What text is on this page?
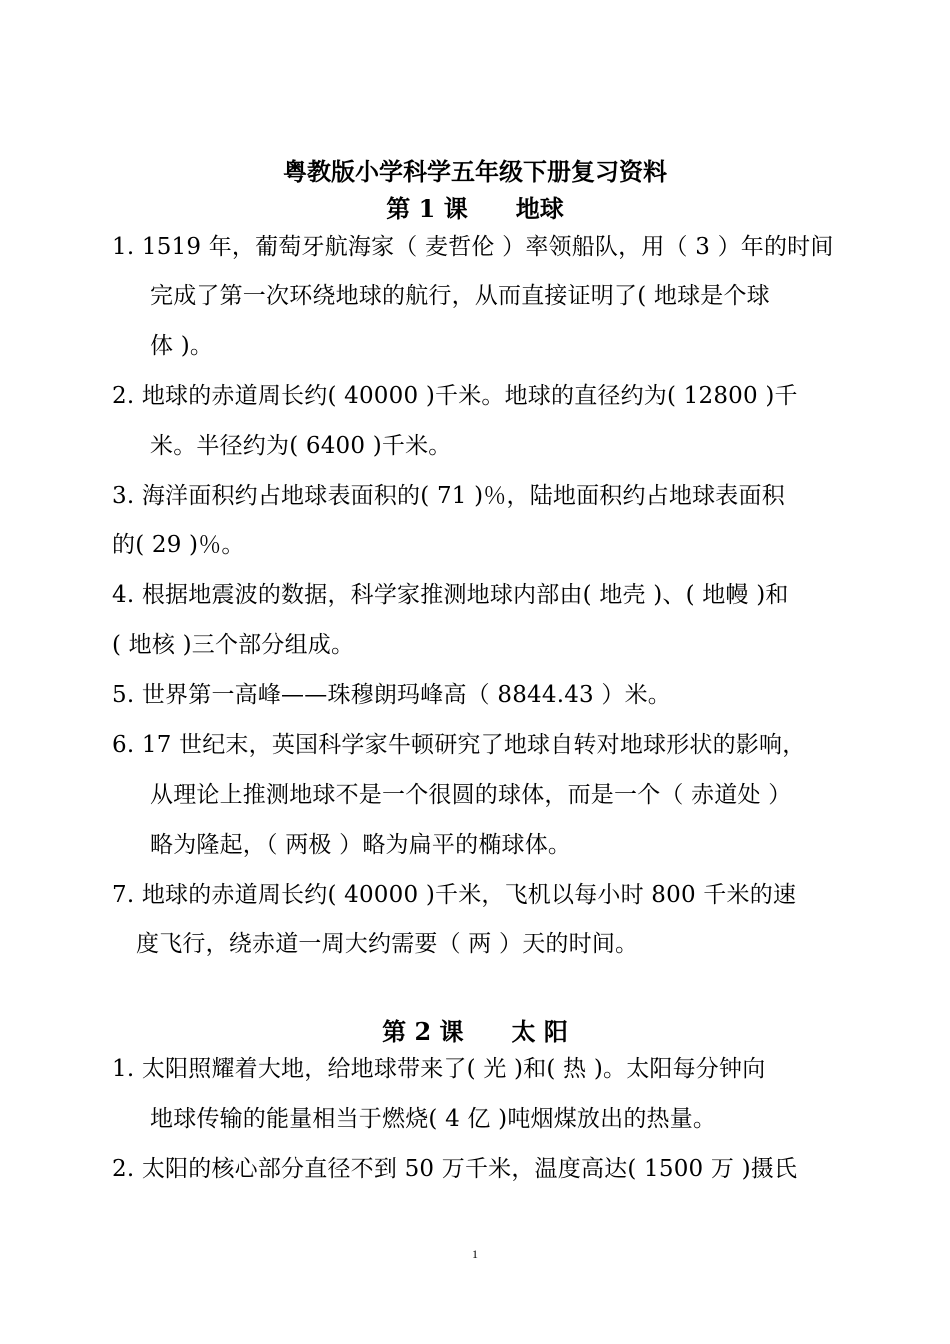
粤教版小学科学五年级下册复习资料
第 1 课　　地球
1. 1519 年，葡萄牙航海家（ 麦哲伦 ）率领船队，用（ 3 ）年的时间
完成了第一次环绕地球的航行，从而直接证明了( 地球是个球
体 )。
2. 地球的赤道周长约( 40000 )千米。地球的直径约为( 12800 )千
米。半径约为( 6400 )千米。
3. 海洋面积约占地球表面积的( 71 )％，陆地面积约占地球表面积
的( 29 )％。
4. 根据地震波的数据，科学家推测地球内部由( 地壳 )、( 地幔 )和
( 地核 )三个部分组成。
5. 世界第一高峰——珠穆朗玛峰高（ 8844.43 ）米。
6. 17 世纪末，英国科学家牛顿研究了地球自转对地球形状的影响，
从理论上推测地球不是一个很圆的球体，而是一个（ 赤道处 ）
略为隆起，（ 两极 ）略为扁平的椭球体。
7. 地球的赤道周长约( 40000 )千米，飞机以每小时 800 千米的速
度飞行，绕赤道一周大约需要（ 两 ）天的时间。
第 2 课　　太 阳
1. 太阳照耀着大地，给地球带来了( 光 )和( 热 )。太阳每分钟向
地球传输的能量相当于燃烧( 4 亿 )吨烟煤放出的热量。
2. 太阳的核心部分直径不到 50 万千米，温度高达( 1500 万 )摄氏
1
